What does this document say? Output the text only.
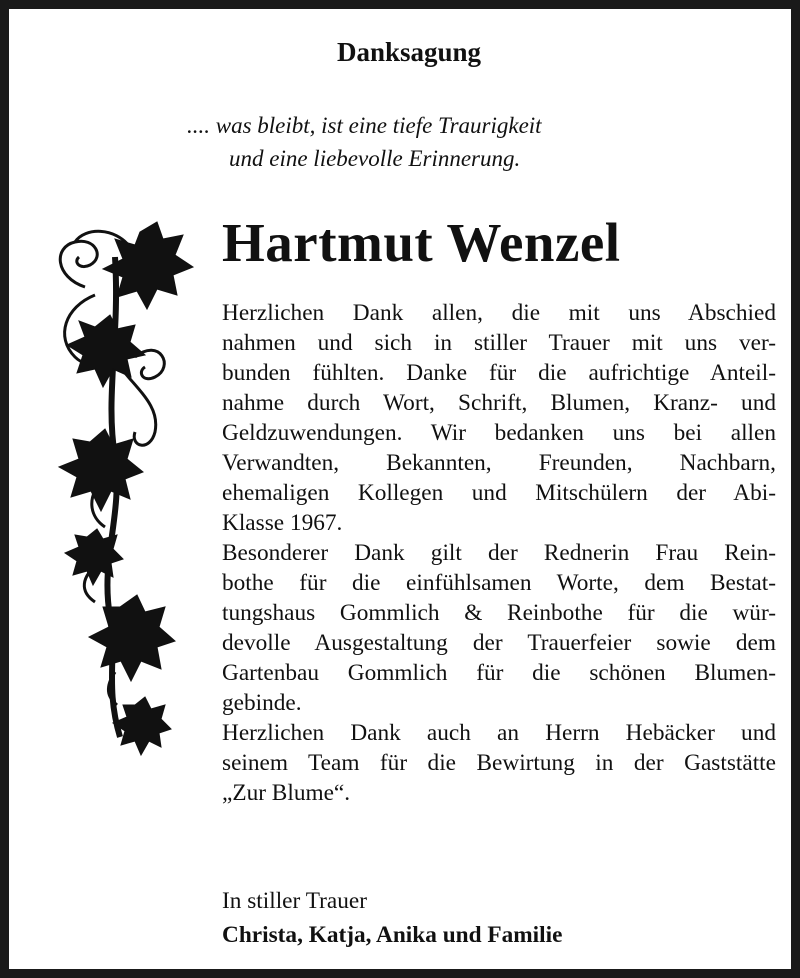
Danksagung
.... was bleibt, ist eine tiefe Traurigkeit
und eine liebevolle Erinnerung.
Hartmut Wenzel
Herzlichen Dank allen, die mit uns Abschied
nahmen und sich in stiller Trauer mit uns ver-
bunden fühlten. Danke für die aufrichtige Anteil-
nahme durch Wort, Schrift, Blumen, Kranz- und
Geldzuwendungen. Wir bedanken uns bei allen
Verwandten, Bekannten, Freunden, Nachbarn,
ehemaligen Kollegen und Mitschülern der Abi-
Klasse 1967.
Besonderer Dank gilt der Rednerin Frau Rein-
bothe für die einfühlsamen Worte, dem Bestat-
tungshaus Gommlich & Reinbothe für die wür-
devolle Ausgestaltung der Trauerfeier sowie dem
Gartenbau Gommlich für die schönen Blumen-
gebinde.
Herzlichen Dank auch an Herrn Hebäcker und
seinem Team für die Bewirtung in der Gaststätte
„Zur Blume“.
In stiller Trauer
Christa, Katja, Anika und Familie
